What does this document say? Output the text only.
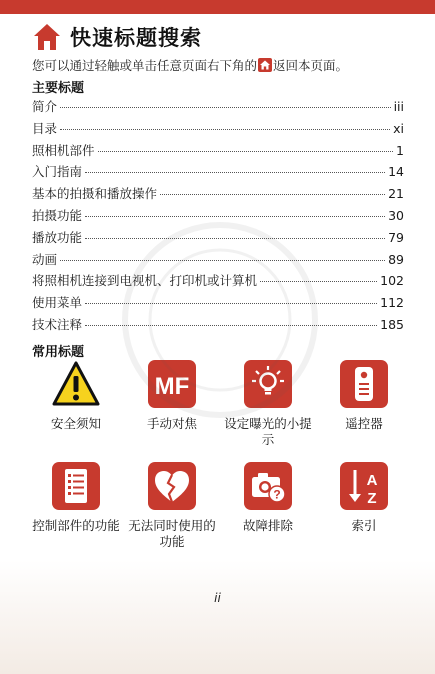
快速标题搜索
您可以通过轻触或单击任意页面右下角的 返回本页面。
主要标题
简介	iii
目录	xi
照相机部件	1
入门指南	14
基本的拍摄和播放操作	21
拍摄功能	30
播放功能	79
动画	89
将照相机连接到电视机、打印机或计算机	102
使用菜单	112
技术注释	185
常用标题
安全须知
MF
手动对焦 设定曝光的小提示
遥控器
控制部件的功能 无法同时使用的功能
?
故障排除
A
Z
索引
ii
